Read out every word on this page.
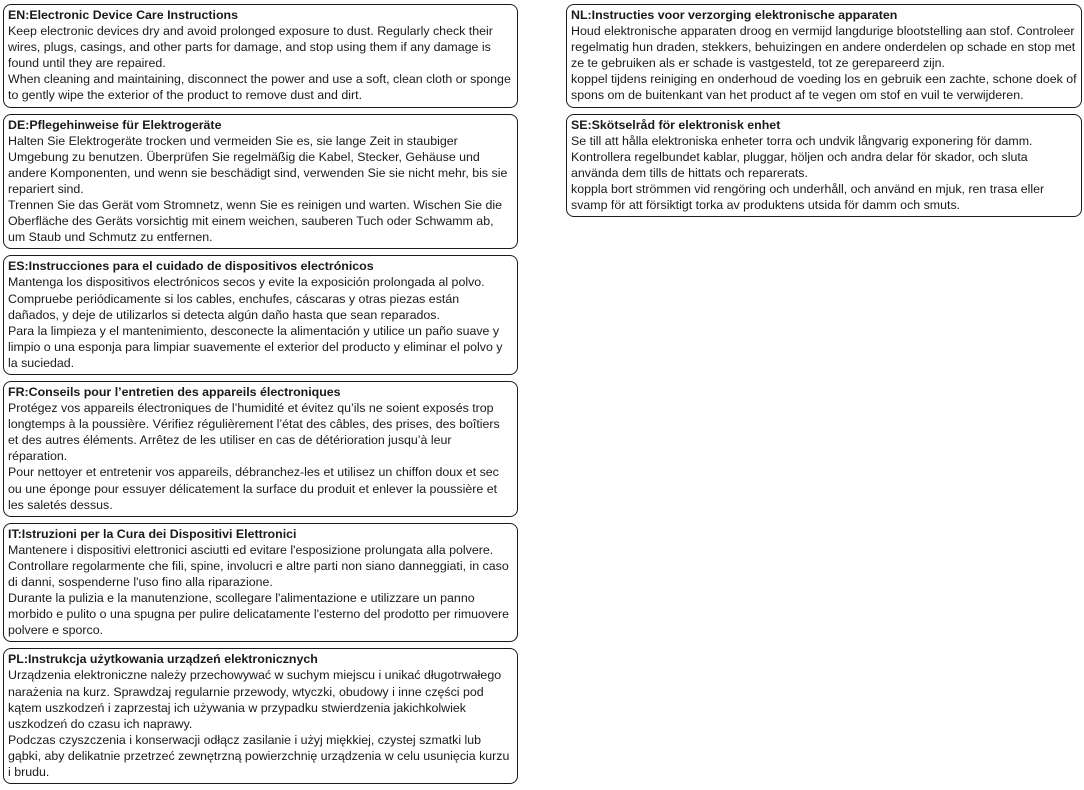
EN:Electronic Device Care Instructions

Keep electronic devices dry and avoid prolonged exposure to dust. Regularly check their wires, plugs, casings, and other parts for damage, and stop using them if any damage is found until they are repaired.

When cleaning and maintaining, disconnect the power and use a soft, clean cloth or sponge to gently wipe the exterior of the product to remove dust and dirt.

DE:Pflegehinweise für Elektrogeräte

Halten Sie Elektrogeräte trocken und vermeiden Sie es, sie lange Zeit in staubiger Umgebung zu benutzen. Überprüfen Sie regelmäßig die Kabel, Stecker, Gehäuse und andere Komponenten, und wenn sie beschädigt sind, verwenden Sie sie nicht mehr, bis sie repariert sind.

Trennen Sie das Gerät vom Stromnetz, wenn Sie es reinigen und warten. Wischen Sie die Oberfläche des Geräts vorsichtig mit einem weichen, sauberen Tuch oder Schwamm ab, um Staub und Schmutz zu entfernen.

ES:Instrucciones para el cuidado de dispositivos electrónicos

Mantenga los dispositivos electrónicos secos y evite la exposición prolongada al polvo. Compruebe periódicamente si los cables, enchufes, cáscaras y otras piezas están dañados, y deje de utilizarlos si detecta algún daño hasta que sean reparados.

Para la limpieza y el mantenimiento, desconecte la alimentación y utilice un paño suave y limpio o una esponja para limpiar suavemente el exterior del producto y eliminar el polvo y la suciedad.

FR:Conseils pour l’entretien des appareils électroniques

Protégez vos appareils électroniques de l’humidité et évitez qu’ils ne soient exposés trop longtemps à la poussière. Vérifiez régulièrement l’état des câbles, des prises, des boîtiers et des autres éléments. Arrêtez de les utiliser en cas de détérioration jusqu’à leur réparation.

Pour nettoyer et entretenir vos appareils, débranchez-les et utilisez un chiffon doux et sec ou une éponge pour essuyer délicatement la surface du produit et enlever la poussière et les saletés dessus.

IT:Istruzioni per la Cura dei Dispositivi Elettronici

Mantenere i dispositivi elettronici asciutti ed evitare l'esposizione prolungata alla polvere. Controllare regolarmente che fili, spine, involucri e altre parti non siano danneggiati, in caso di danni, sospenderne l'uso fino alla riparazione.

Durante la pulizia e la manutenzione, scollegare l'alimentazione e utilizzare un panno morbido e pulito o una spugna per pulire delicatamente l'esterno del prodotto per rimuovere polvere e sporco.

PL:Instrukcja użytkowania urządzeń elektronicznych

Urządzenia elektroniczne należy przechowywać w suchym miejscu i unikać długotrwałego narażenia na kurz. Sprawdzaj regularnie przewody, wtyczki, obudowy i inne części pod kątem uszkodzeń i zaprzestaj ich używania w przypadku stwierdzenia jakichkolwiek uszkodzeń do czasu ich naprawy.

Podczas czyszczenia i konserwacji odłącz zasilanie i użyj miękkiej, czystej szmatki lub gąbki, aby delikatnie przetrzeć zewnętrzną powierzchnię urządzenia w celu usunięcia kurzu i brudu.

NL:Instructies voor verzorging elektronische apparaten

Houd elektronische apparaten droog en vermijd langdurige blootstelling aan stof. Controleer regelmatig hun draden, stekkers, behuizingen en andere onderdelen op schade en stop met ze te gebruiken als er schade is vastgesteld, tot ze gerepareerd zijn.

koppel tijdens reiniging en onderhoud de voeding los en gebruik een zachte, schone doek of spons om de buitenkant van het product af te vegen om stof en vuil te verwijderen.

SE:Skötselråd för elektronisk enhet

Se till att hålla elektroniska enheter torra och undvik långvarig exponering för damm. Kontrollera regelbundet kablar, pluggar, höljen och andra delar för skador, och sluta använda dem tills de hittats och reparerats.

koppla bort strömmen vid rengöring och underhåll, och använd en mjuk, ren trasa eller svamp för att försiktigt torka av produktens utsida för damm och smuts.
